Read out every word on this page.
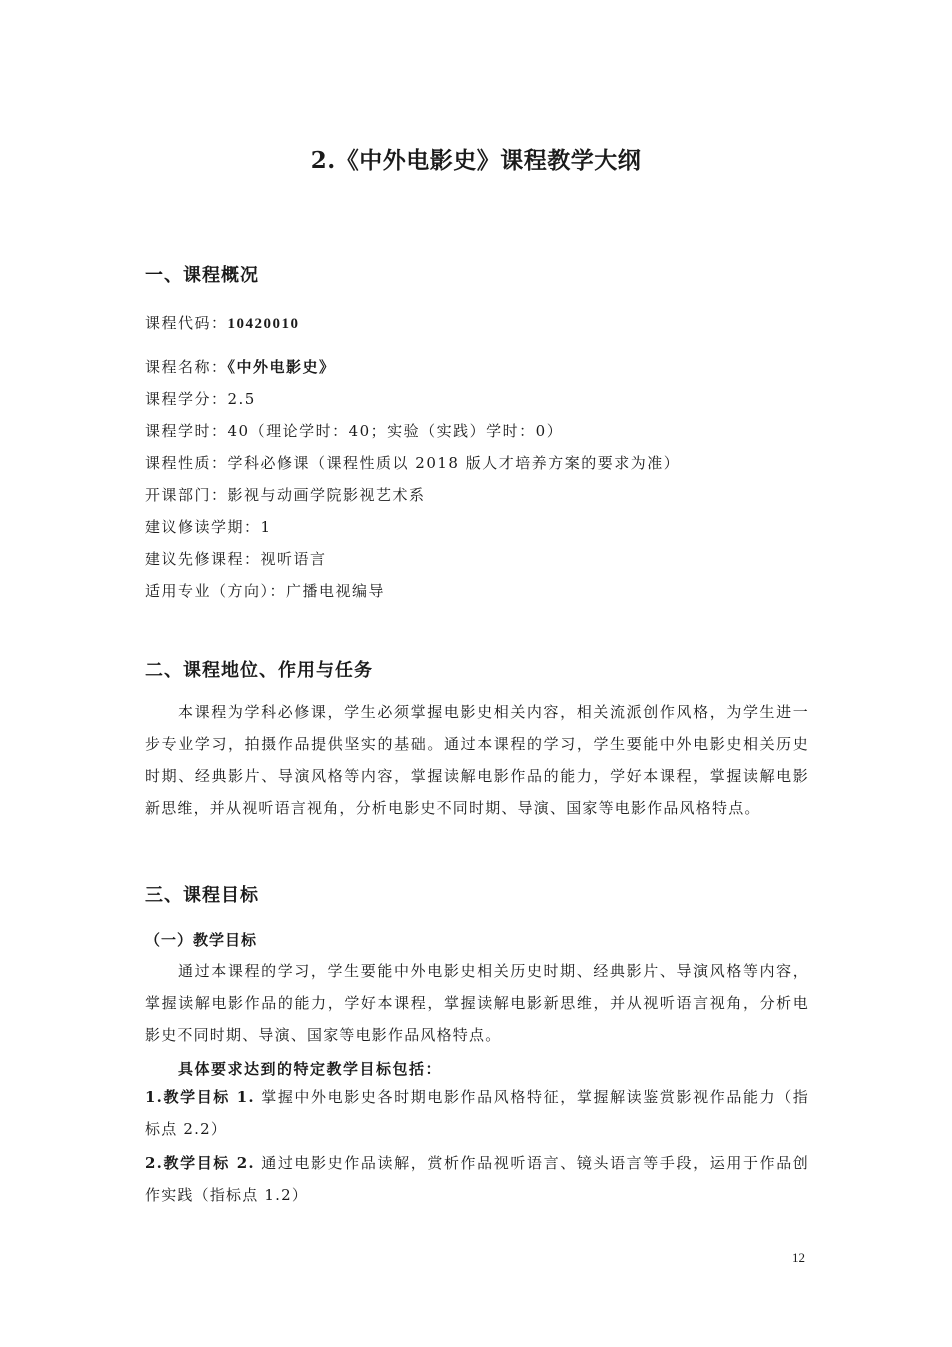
2.《中外电影史》课程教学大纲
一、课程概况
课程代码：10420010
课程名称：《中外电影史》
课程学分：2.5
课程学时：40（理论学时：40；实验（实践）学时：0）
课程性质：学科必修课（课程性质以 2018 版人才培养方案的要求为准）
开课部门：影视与动画学院影视艺术系
建议修读学期：1
建议先修课程：视听语言
适用专业（方向）：广播电视编导
二、课程地位、作用与任务
本课程为学科必修课，学生必须掌握电影史相关内容，相关流派创作风格，为学生进一步专业学习，拍摄作品提供坚实的基础。通过本课程的学习，学生要能中外电影史相关历史时期、经典影片、导演风格等内容，掌握读解电影作品的能力，学好本课程，掌握读解电影新思维，并从视听语言视角，分析电影史不同时期、导演、国家等电影作品风格特点。
三、课程目标
（一）教学目标
通过本课程的学习，学生要能中外电影史相关历史时期、经典影片、导演风格等内容，掌握读解电影作品的能力，学好本课程，掌握读解电影新思维，并从视听语言视角，分析电影史不同时期、导演、国家等电影作品风格特点。
具体要求达到的特定教学目标包括：
1.教学目标 1. 掌握中外电影史各时期电影作品风格特征，掌握解读鉴赏影视作品能力（指标点 2.2）
2.教学目标 2. 通过电影史作品读解，赏析作品视听语言、镜头语言等手段，运用于作品创作实践（指标点 1.2）
12
